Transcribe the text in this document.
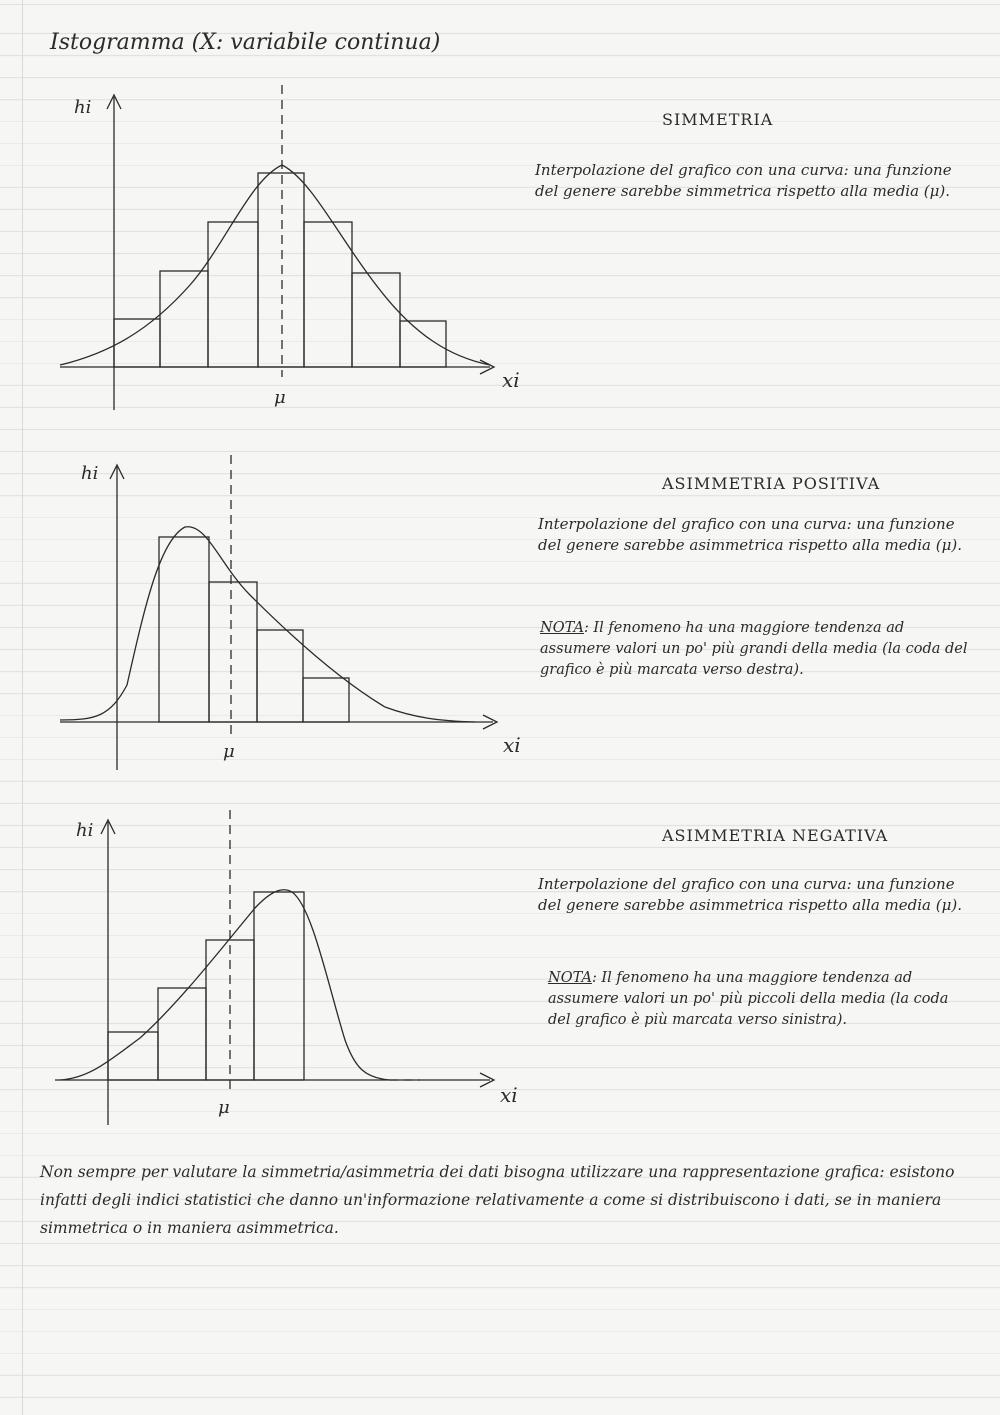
Istogramma (X: variabile continua)
hi
xi
μ
SIMMETRIA

Interpolazione del grafico con una curva: una funzione del genere sarebbe simmetrica rispetto alla media (μ).

hi
xi
μ
ASIMMETRIA POSITIVA

Interpolazione del grafico con una curva: una funzione del genere sarebbe asimmetrica rispetto alla media (μ).

NOTA: Il fenomeno ha una maggiore tendenza ad assumere valori un po' più grandi della media (la coda del grafico è più marcata verso destra).

hi
xi
μ
ASIMMETRIA NEGATIVA

Interpolazione del grafico con una curva: una funzione del genere sarebbe asimmetrica rispetto alla media (μ).

NOTA: Il fenomeno ha una maggiore tendenza ad assumere valori un po' più piccoli della media (la coda del grafico è più marcata verso sinistra).

Non sempre per valutare la simmetria/asimmetria dei dati bisogna utilizzare una rappresentazione grafica: esistono infatti degli indici statistici che danno un'informazione relativamente a come si distribuiscono i dati, se in maniera simmetrica o in maniera asimmetrica.
